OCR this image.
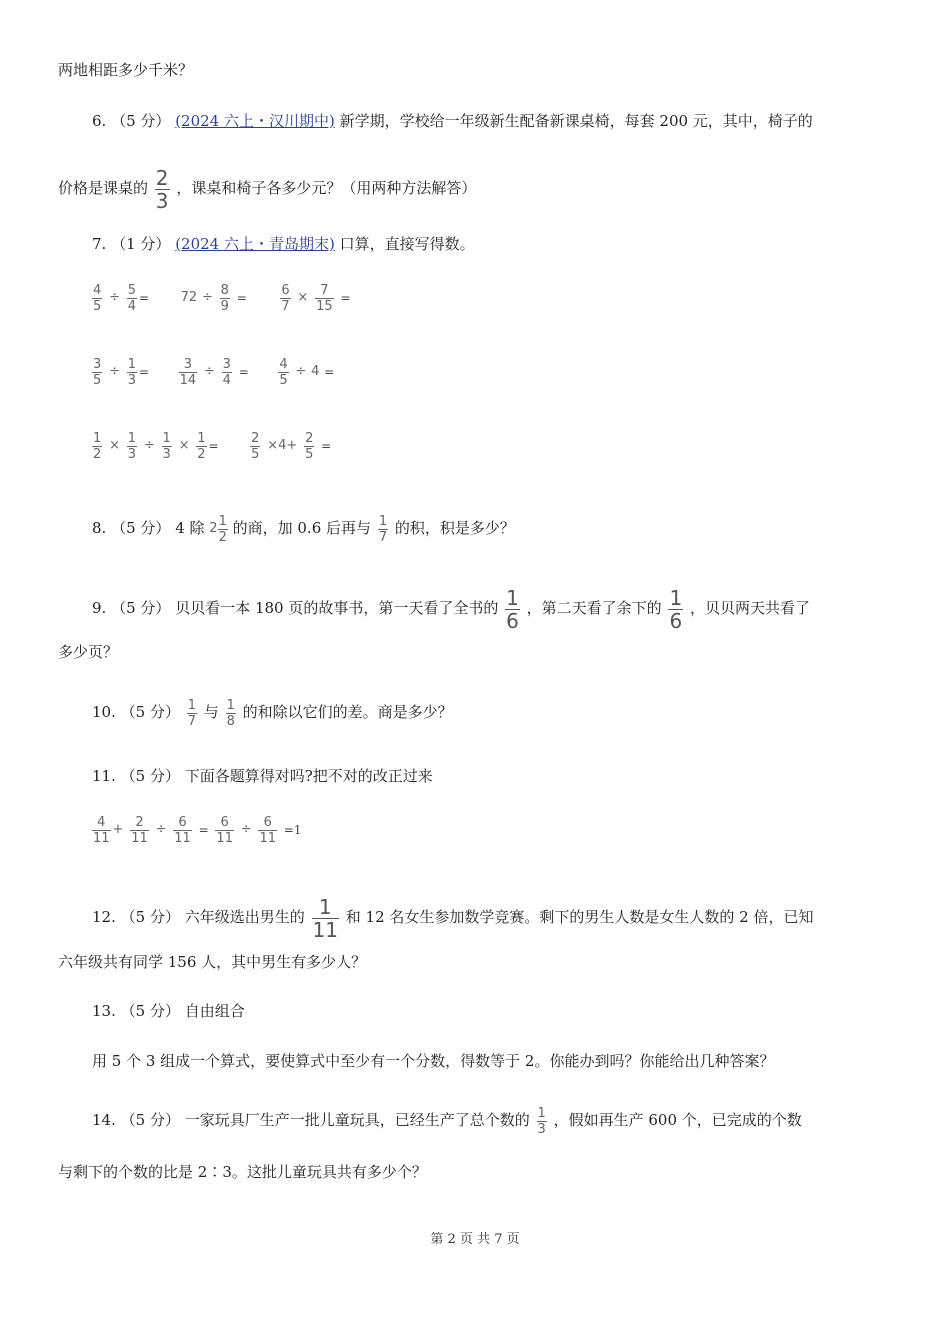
两地相距多少千米？
6. （5 分） (2024 六上・汉川期中) 新学期，学校给一年级新生配备新课桌椅，每套 200 元，其中，椅子的
价格是课桌的 $\frac{2}{3}$ ，课桌和椅子各多少元？（用两种方法解答）
7. （1 分） (2024 六上・青岛期末) 口算，直接写得数。
$\frac{4}{5} \div \frac{5}{4} = 72 \div \frac{8}{9}$ =	$\frac{6}{7} \times \frac{7}{15}$ =
$\frac{3}{5} \div \frac{1}{3} = \frac{3}{14} \div \frac{3}{4} = \frac{4}{5} \div 4$ =
$\frac{1}{2} \times \frac{1}{3} \div \frac{1}{3} \times \frac{1}{2} = \frac{2}{5} \times 4+ \frac{2}{5}$ =
8. （5 分） 4 除 2 1
2 的商，加 0.6 后再与 $\frac{1}{7}$ 的积，积是多少？
9. （5 分） 贝贝看一本 180 页的故事书，第一天看了全书的 $\frac{1}{6}$ ，第二天看了余下的 $\frac{1}{6}$ ，贝贝两天共看了
多少页？
10. （5 分） $\frac{1}{7}$ 与 $\frac{1}{8}$ 的和除以它们的差。商是多少？
11. （5 分） 下面各题算得对吗?把不对的改正过来
$\frac{4}{11} + \frac{2}{11} \div \frac{6}{11} = \frac{6}{11} \div \frac{6}{11} =1$
12. （5 分） 六年级选出男生的 $\frac{1}{11}$ 和 12 名女生参加数学竞赛。剩下的男生人数是女生人数的 2 倍，已知
六年级共有同学 156 人，其中男生有多少人？
13. （5 分） 自由组合
用 5 个 3 组成一个算式，要使算式中至少有一个分数，得数等于 2。你能办到吗？你能给出几种答案？
14. （5 分） 一家玩具厂生产一批儿童玩具，已经生产了总个数的 $\frac{1}{3}$ ，假如再生产 600 个，已完成的个数
与剩下的个数的比是 2∶3。这批儿童玩具共有多少个？
第 2 页 共 7 页
